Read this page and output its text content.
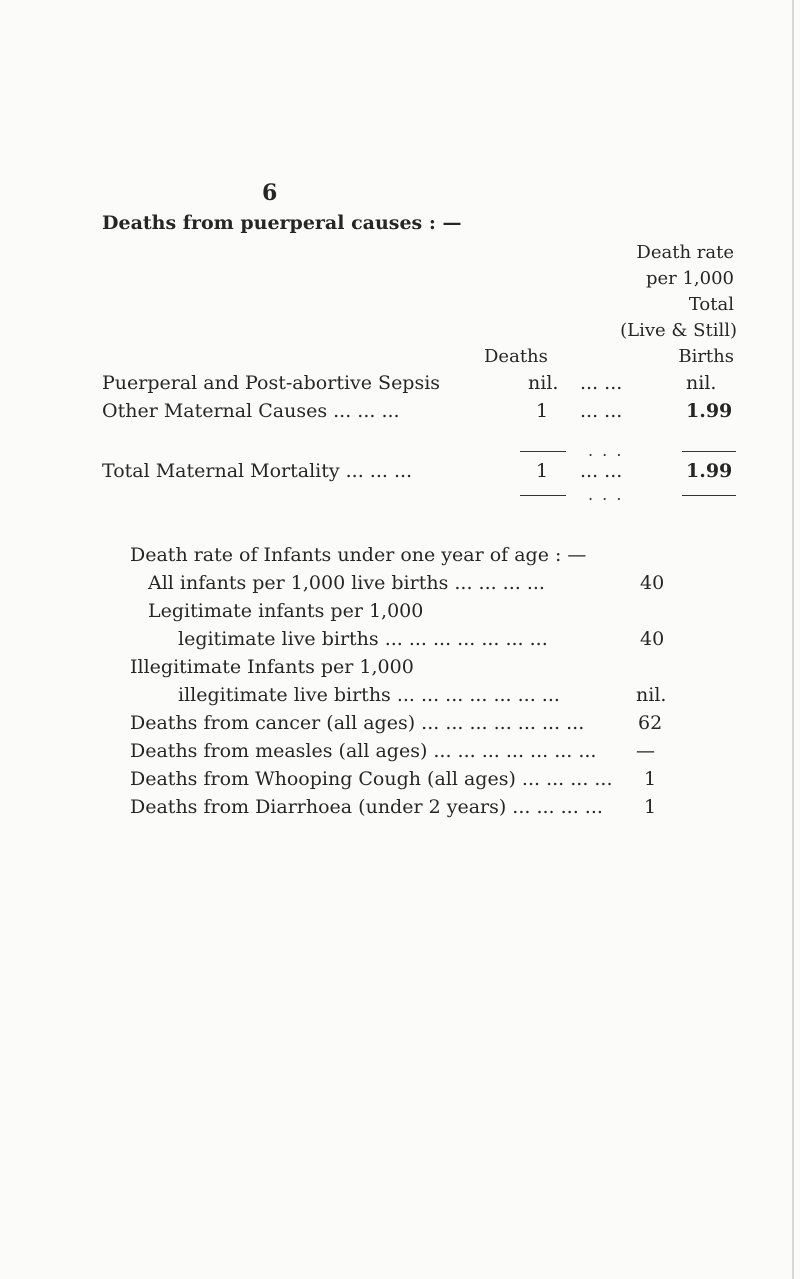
6
Deaths from puerperal causes : —
Death rate
per 1,000
Total
(Live & Still)
Births
Deaths
Puerperal and Post-abortive Sepsis	nil. ... ...	nil.
Other Maternal Causes ... ... ...	1 ... ...	1.99
. . .
Total Maternal Mortality ... ... ...	1 ... ...	1.99
. . .
Death rate of Infants under one year of age : —
All infants per 1,000 live births ... ... ... ...	40
Legitimate infants per 1,000
legitimate live births ... ... ... ... ... ... ...	40
Illegitimate Infants per 1,000
illegitimate live births ... ... ... ... ... ... ...	nil.
Deaths from cancer (all ages) ... ... ... ... ... ... ...	62
Deaths from measles (all ages) ... ... ... ... ... ... ... —
Deaths from Whooping Cough (all ages) ... ... ... ... 1
Deaths from Diarrhoea (under 2 years) ... ... ... ... 1
